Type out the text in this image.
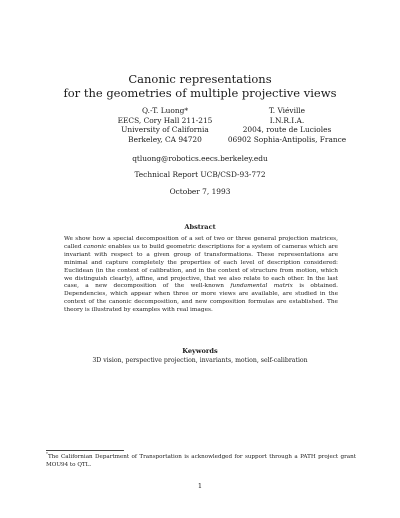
Canonic representations
for the geometries of multiple projective views
Q.-T. Luong*
EECS, Cory Hall 211-215
University of California
Berkeley, CA 94720
T. Viéville
I.N.R.I.A.
2004, route de Lucioles
06902 Sophia-Antipolis, France
qtluong@robotics.eecs.berkeley.edu
Technical Report UCB/CSD-93-772
October 7, 1993
Abstract
We show how a special decomposition of a set of two or three general projection matrices, called canonic enables us to build geometric descriptions for a system of cameras which are invariant with respect to a given group of transformations. These representations are minimal and capture completely the properties of each level of description considered: Euclidean (in the context of calibration, and in the context of structure from motion, which we distinguish clearly), affine, and projective, that we also relate to each other. In the last case, a new decomposition of the well-known fundamental matrix is obtained. Dependencies, which appear when three or more views are available, are studied in the context of the canonic decomposition, and new composition formulas are established. The theory is illustrated by examples with real images.
Keywords
3D vision, perspective projection, invariants, motion, self-calibration
*The Californian Department of Transportation is acknowledged for support through a PATH project grant MOU94 to QTL.
1
